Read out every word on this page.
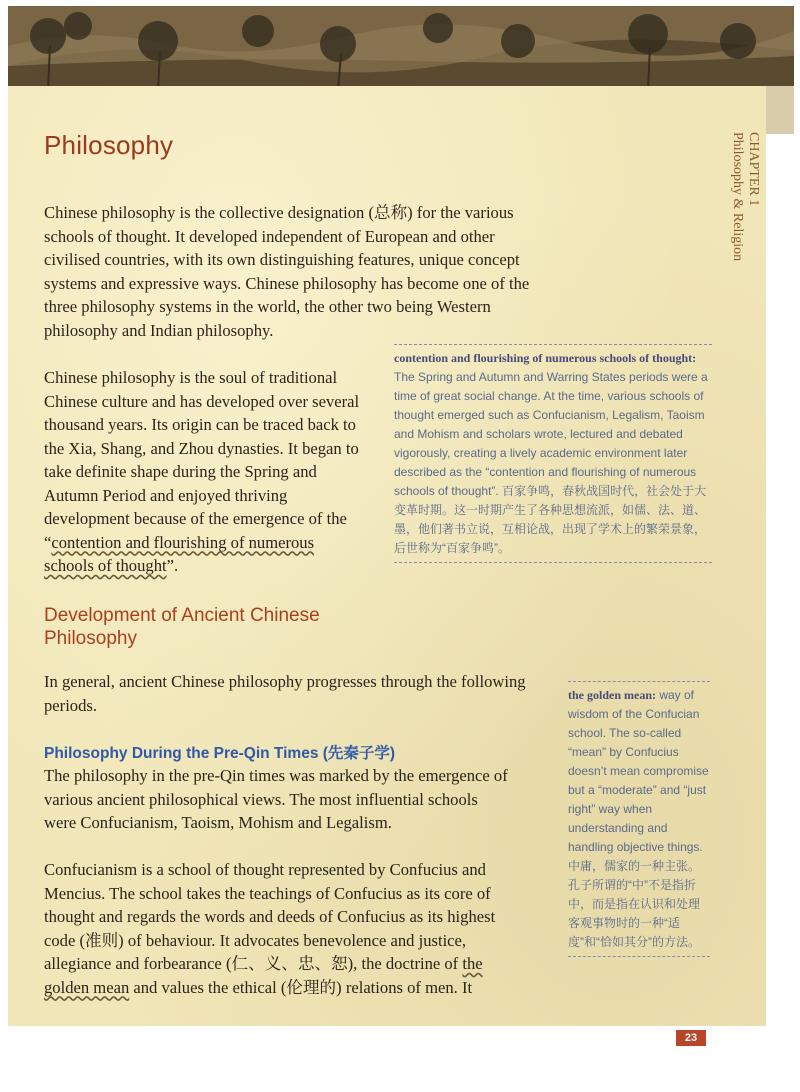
CHAPTER 1
Philosophy & Religion
Philosophy

Chinese philosophy is the collective designation (总称) for the various schools of thought. It developed independent of European and other civilised countries, with its own distinguishing features, unique concept systems and expressive ways. Chinese philosophy has become one of the three philosophy systems in the world, the other two being Western philosophy and Indian philosophy.

Chinese philosophy is the soul of traditional Chinese culture and has developed over several thousand years. Its origin can be traced back to the Xia, Shang, and Zhou dynasties. It began to take definite shape during the Spring and Autumn Period and enjoyed thriving development because of the emergence of the “contention and flourishing of numerous schools of thought”.

contention and flourishing of numerous schools of thought: The Spring and Autumn and Warring States periods were a time of great social change. At the time, various schools of thought emerged such as Confucianism, Legalism, Taoism and Mohism and scholars wrote, lectured and debated vigorously, creating a lively academic environment later described as the “contention and flourishing of numerous schools of thought”. 百家争鸣，春秋战国时代，社会处于大变革时期。这一时期产生了各种思想流派，如儒、法、道、墨，他们著书立说，互相论战，出现了学术上的繁荣景象，后世称为“百家争鸣”。
Development of Ancient Chinese Philosophy

In general, ancient Chinese philosophy progresses through the following periods.

Philosophy During the Pre-Qin Times (先秦子学)

The philosophy in the pre-Qin times was marked by the emergence of various ancient philosophical views. The most influential schools were Confucianism, Taoism, Mohism and Legalism.

Confucianism is a school of thought represented by Confucius and Mencius. The school takes the teachings of Confucius as its core of thought and regards the words and deeds of Confucius as its highest code (准则) of behaviour. It advocates benevolence and justice, allegiance and forbearance (仁、义、忠、恕), the doctrine of the golden mean and values the ethical (伦理的) relations of men. It

the golden mean: way of wisdom of the Confucian school. The so-called “mean” by Confucius doesn’t mean compromise but a “moderate” and “just right” way when understanding and handling objective things. 中庸，儒家的一种主张。孔子所谓的“中”不是指折中，而是指在认识和处理客观事物时的一种“适度”和“恰如其分”的方法。
23
